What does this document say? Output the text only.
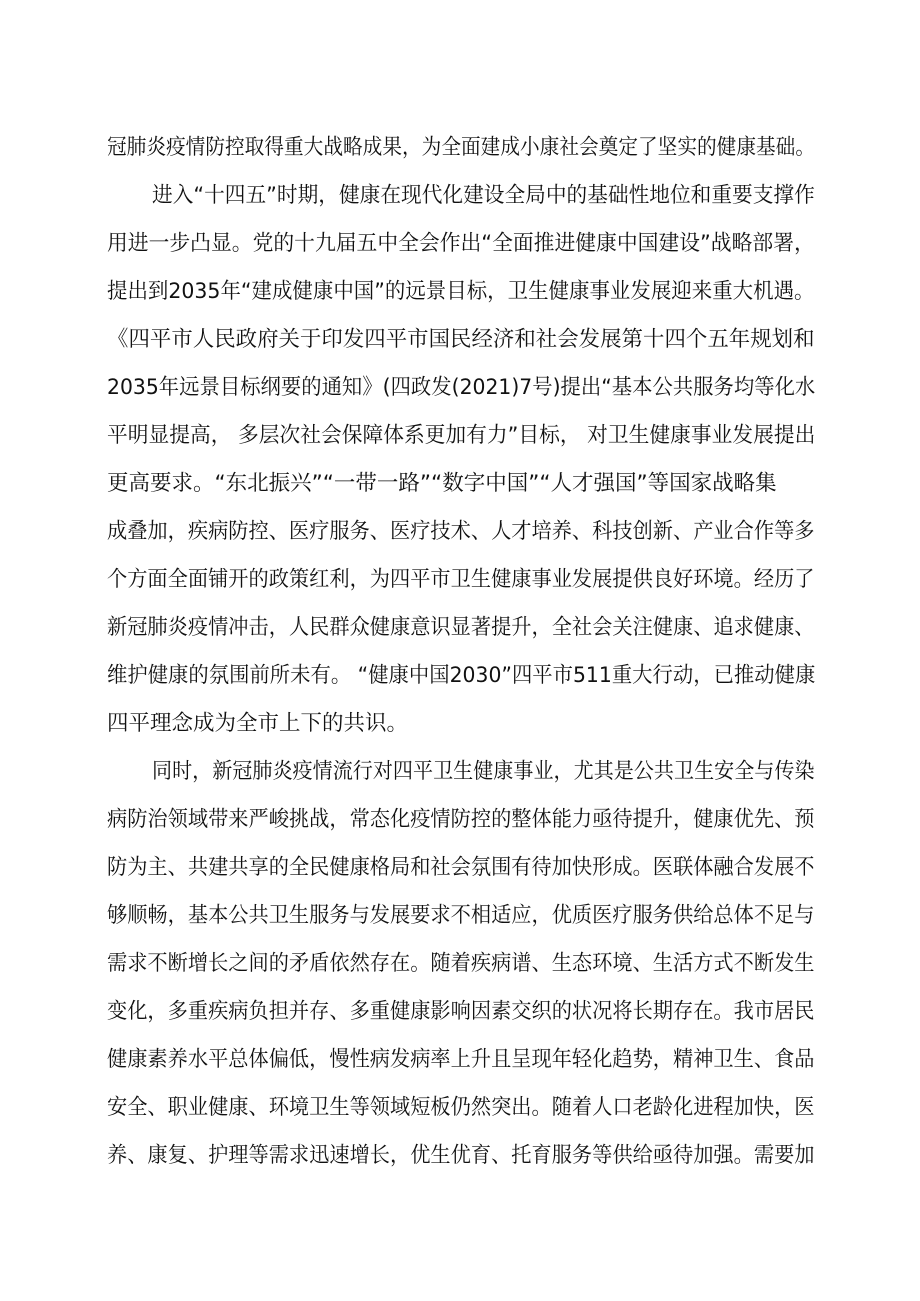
冠肺炎疫情防控取得重大战略成果，为全面建成小康社会奠定了坚实的健康基础。
进入“十四五”时期，健康在现代化建设全局中的基础性地位和重要支撑作
用进一步凸显。党的十九届五中全会作出“全面推进健康中国建设”战略部署，
提出到2035年“建成健康中国”的远景目标，卫生健康事业发展迎来重大机遇。
《四平市人民政府关于印发四平市国民经济和社会发展第十四个五年规划和
2035年远景目标纲要的通知》(四政发(2021)7号)提出“基本公共服务均等化水
平明显提高， 多层次社会保障体系更加有力”目标， 对卫生健康事业发展提出
更高要求。“东北振兴”“一带一路”“数字中国”“人才强国”等国家战略集
成叠加，疾病防控、医疗服务、医疗技术、人才培养、科技创新、产业合作等多
个方面全面铺开的政策红利，为四平市卫生健康事业发展提供良好环境。经历了
新冠肺炎疫情冲击，人民群众健康意识显著提升，全社会关注健康、追求健康、
维护健康的氛围前所未有。 “健康中国2030”四平市511重大行动，已推动健康
四平理念成为全市上下的共识。
同时，新冠肺炎疫情流行对四平卫生健康事业，尤其是公共卫生安全与传染
病防治领域带来严峻挑战，常态化疫情防控的整体能力亟待提升，健康优先、预
防为主、共建共享的全民健康格局和社会氛围有待加快形成。医联体融合发展不
够顺畅，基本公共卫生服务与发展要求不相适应，优质医疗服务供给总体不足与
需求不断增长之间的矛盾依然存在。随着疾病谱、生态环境、生活方式不断发生
变化，多重疾病负担并存、多重健康影响因素交织的状况将长期存在。我市居民
健康素养水平总体偏低，慢性病发病率上升且呈现年轻化趋势，精神卫生、食品
安全、职业健康、环境卫生等领域短板仍然突出。随着人口老龄化进程加快，医
养、康复、护理等需求迅速增长，优生优育、托育服务等供给亟待加强。需要加
